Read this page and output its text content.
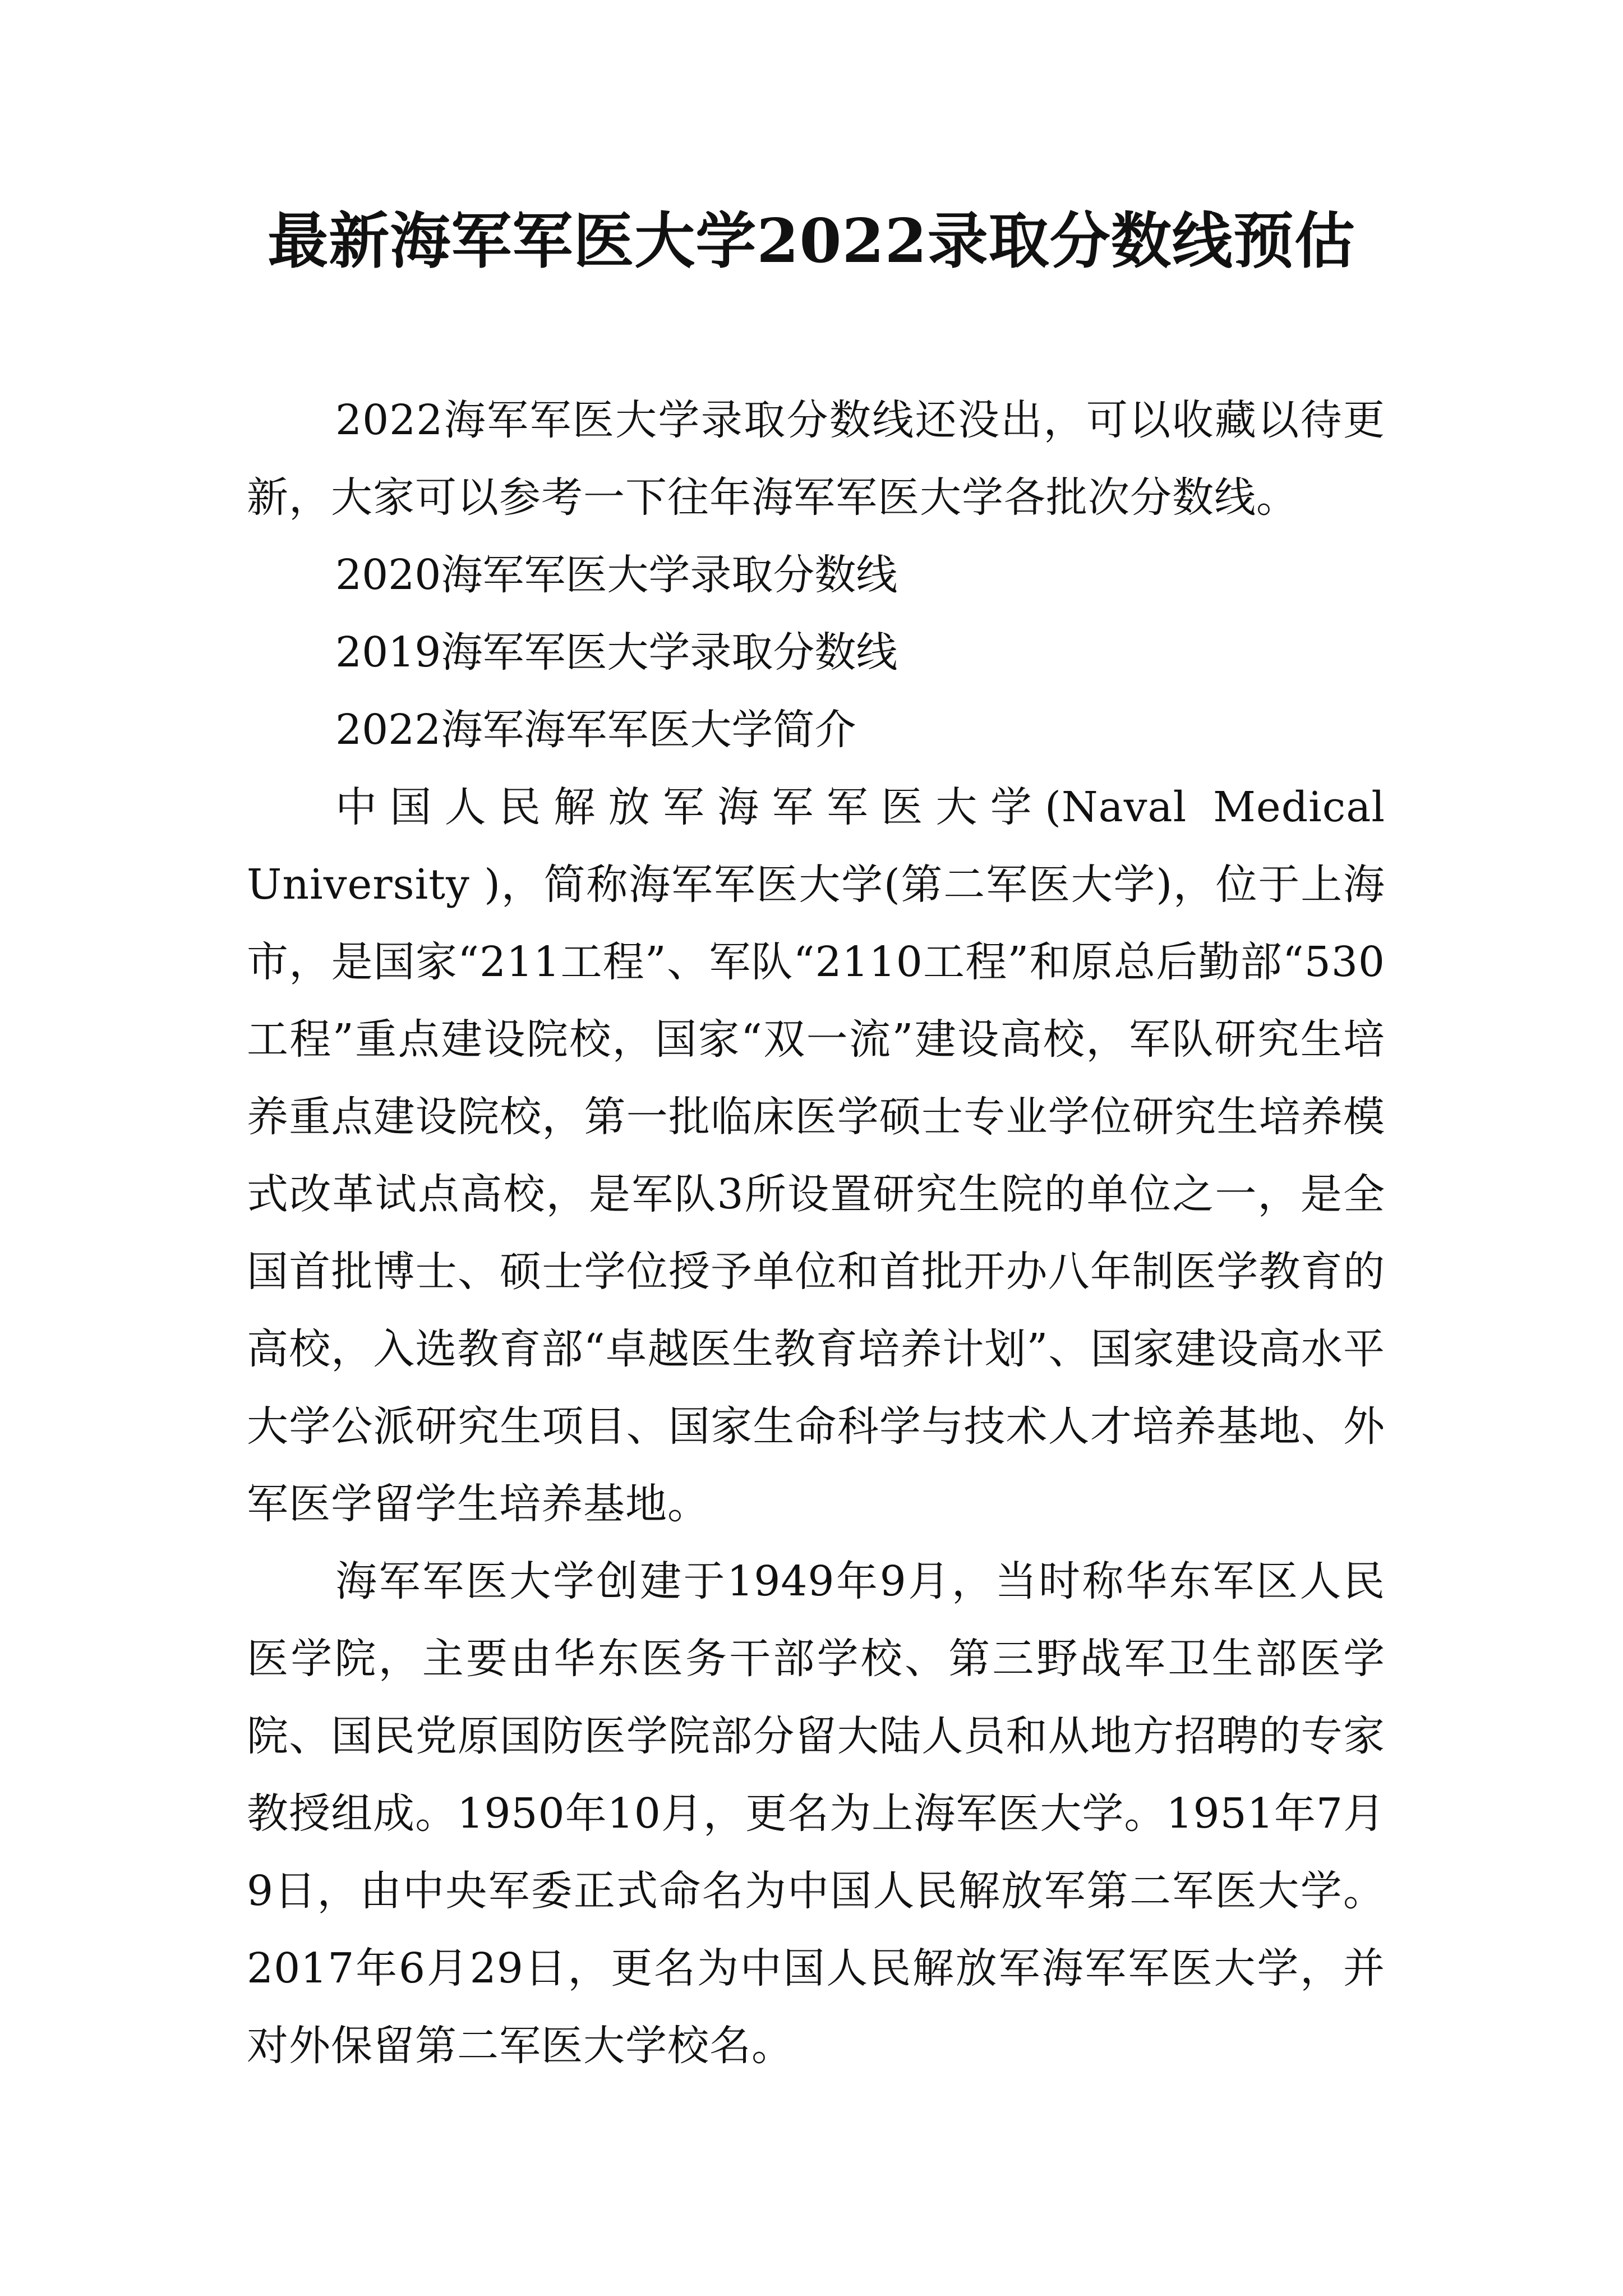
最新海军军医大学2022录取分数线预估

2022海军军医大学录取分数线还没出，可以收藏以待更新，大家可以参考一下往年海军军医大学各批次分数线。

2020海军军医大学录取分数线

2019海军军医大学录取分数线

2022海军海军军医大学简介

中国人民解放军海军军医大学(Naval Medical University )，简称海军军医大学(第二军医大学)，位于上海市，是国家“211工程”、军队“2110工程”和原总后勤部“530工程”重点建设院校，国家“双一流”建设高校，军队研究生培养重点建设院校，第一批临床医学硕士专业学位研究生培养模式改革试点高校，是军队3所设置研究生院的单位之一，是全国首批博士、硕士学位授予单位和首批开办八年制医学教育的高校，入选教育部“卓越医生教育培养计划”、国家建设高水平大学公派研究生项目、国家生命科学与技术人才培养基地、外军医学留学生培养基地。

海军军医大学创建于1949年9月，当时称华东军区人民医学院，主要由华东医务干部学校、第三野战军卫生部医学院、国民党原国防医学院部分留大陆人员和从地方招聘的专家教授组成。1950年10月，更名为上海军医大学。1951年7月9日，由中央军委正式命名为中国人民解放军第二军医大学。2017年6月29日，更名为中国人民解放军海军军医大学，并对外保留第二军医大学校名。
